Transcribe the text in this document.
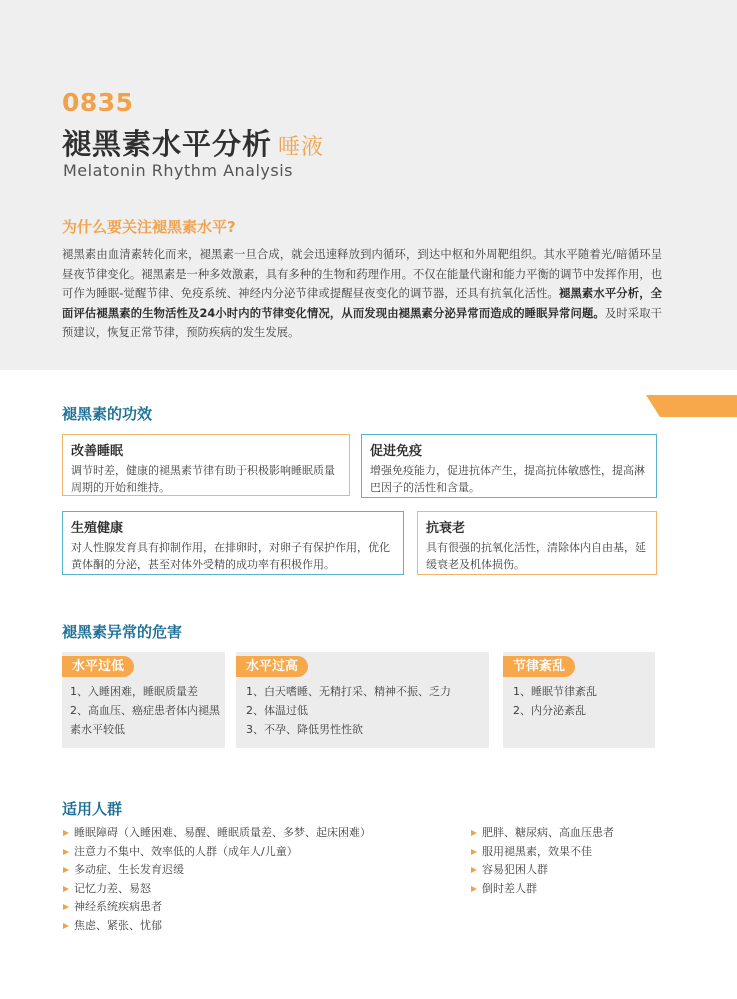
0835
褪黑素水平分析 唾液
Melatonin Rhythm Analysis
为什么要关注褪黑素水平?
褪黑素由血清素转化而来，褪黑素一旦合成，就会迅速释放到内循环，到达中枢和外周靶组织。其水平随着光/暗循环呈昼夜节律变化。褪黑素是一种多效激素，具有多种的生物和药理作用。不仅在能量代谢和能力平衡的调节中发挥作用，也可作为睡眠-觉醒节律、免疫系统、神经内分泌节律或提醒昼夜变化的调节器，还具有抗氧化活性。褪黑素水平分析，全面评估褪黑素的生物活性及24小时内的节律变化情况，从而发现由褪黑素分泌异常而造成的睡眠异常问题。及时采取干预建议，恢复正常节律，预防疾病的发生发展。
褪黑素的功效
改善睡眠
调节时差，健康的褪黑素节律有助于积极影响睡眠质量周期的开始和维持。
促进免疫
增强免疫能力，促进抗体产生，提高抗体敏感性，提高淋巴因子的活性和含量。
生殖健康
对人性腺发育具有抑制作用，在排卵时，对卵子有保护作用，优化黄体酮的分泌，甚至对体外受精的成功率有积极作用。
抗衰老
具有很强的抗氧化活性，清除体内自由基，延缓衰老及机体损伤。
褪黑素异常的危害
水平过低	水平过高	节律紊乱
1、入睡困难，睡眠质量差
2、高血压、癌症患者体内褪黑素水平较低
1、白天嗜睡、无精打采、精神不振、乏力
2、体温过低
3、不孕、降低男性性欲
1、睡眠节律紊乱
2、内分泌紊乱
适用人群
睡眠障碍（入睡困难、易醒、睡眠质量差、多梦、起床困难）
注意力不集中、效率低的人群（成年人/儿童）
多动症、生长发育迟缓
记忆力差、易怒
神经系统疾病患者
焦虑、紧张、忧郁
肥胖、糖尿病、高血压患者
服用褪黑素，效果不佳
容易犯困人群
倒时差人群
